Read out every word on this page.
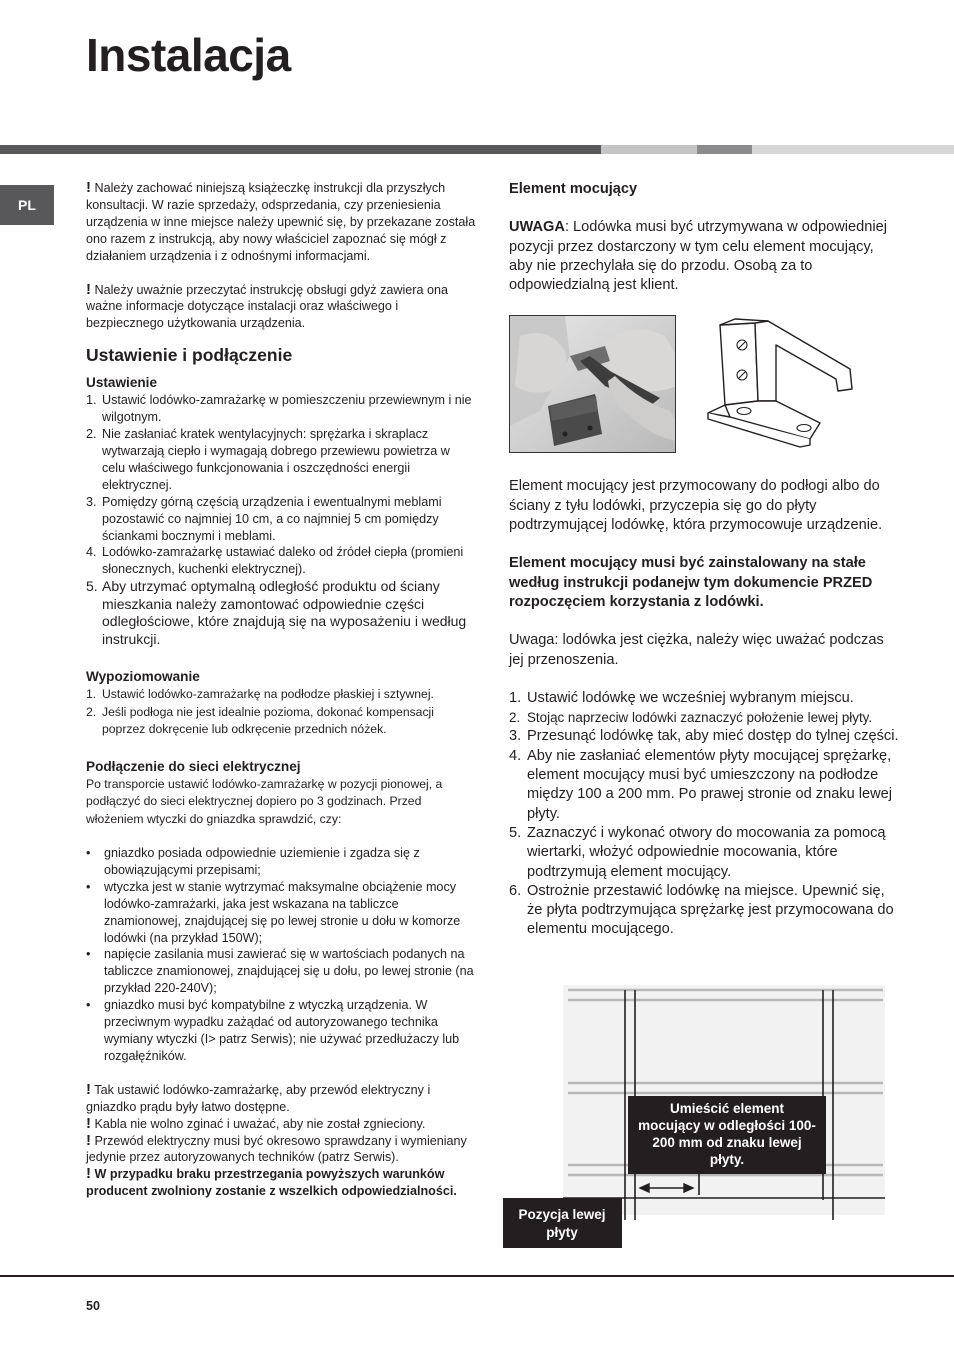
Instalacja
PL

! Należy zachować niniejszą książeczkę instrukcji dla przyszłych konsultacji. W razie sprzedaży, odsprzedania, czy przeniesienia urządzenia w inne miejsce należy upewnić się, by przekazane została ono razem z instrukcją, aby nowy właściciel zapoznać się mógł z działaniem urządzenia i z odnośnymi informacjami.

! Należy uważnie przeczytać instrukcję obsługi gdyż zawiera ona ważne informacje dotyczące instalacji oraz właściwego i bezpiecznego użytkowania urządzenia.

Ustawienie i podłączenie
Ustawienie
1. Ustawić lodówko-zamrażarkę w pomieszczeniu przewiewnym i nie wilgotnym.
2. Nie zasłaniać kratek wentylacyjnych: sprężarka i skraplacz wytwarzają ciepło i wymagają dobrego przewiewu powietrza w celu właściwego funkcjonowania i oszczędności energii elektrycznej.
3. Pomiędzy górną częścią urządzenia i ewentualnymi meblami pozostawić co najmniej 10 cm, a co najmniej 5 cm pomiędzy ściankami bocznymi i meblami.
4. Lodówko-zamrażarkę ustawiać daleko od źródeł ciepła (promieni słonecznych, kuchenki elektrycznej).
5. Aby utrzymać optymalną odległość produktu od ściany mieszkania należy zamontować odpowiednie części odległościowe, które znajdują się na wyposażeniu i według instrukcji.
Wypoziomowanie
1. Ustawić lodówko-zamrażarkę na podłodze płaskiej i sztywnej.
2. Jeśli podłoga nie jest idealnie pozioma, dokonać kompensacji poprzez dokręcenie lub odkręcenie przednich nóżek.
Podłączenie do sieci elektrycznej

Po transporcie ustawić lodówko-zamrażarkę w pozycji pionowej, a podłączyć do sieci elektrycznej dopiero po 3 godzinach. Przed włożeniem wtyczki do gniazdka sprawdzić, czy:

• gniazdko posiada odpowiednie uziemienie i zgadza się z obowiązującymi przepisami;
• wtyczka jest w stanie wytrzymać maksymalne obciążenie mocy lodówko-zamrażarki, jaka jest wskazana na tabliczce znamionowej, znajdującej się po lewej stronie u dołu w komorze lodówki (na przykład 150W);
• napięcie zasilania musi zawierać się w wartościach podanych na tabliczce znamionowej, znajdującej się u dołu, po lewej stronie (na przykład 220-240V);
• gniazdko musi być kompatybilne z wtyczką urządzenia. W przeciwnym wypadku zażądać od autoryzowanego technika wymiany wtyczki (I> patrz Serwis); nie używać przedłużaczy lub rozgałęźników.

! Tak ustawić lodówko-zamrażarkę, aby przewód elektryczny i gniazdko prądu były łatwo dostępne.

! Kabla nie wolno zginać i uważać, aby nie został zgnieciony.

! Przewód elektryczny musi być okresowo sprawdzany i wymieniany jedynie przez autoryzowanych techników (patrz Serwis).

! W przypadku braku przestrzegania powyższych warunków producent zwolniony zostanie z wszelkich odpowiedzialności.

Element mocujący

UWAGA: Lodówka musi być utrzymywana w odpowiedniej pozycji przez dostarczony w tym celu element mocujący, aby nie przechylała się do przodu. Osobą za to odpowiedzialną jest klient.

Element mocujący jest przymocowany do podłogi albo do ściany z tyłu lodówki, przyczepia się go do płyty podtrzymującej lodówkę, która przymocowuje urządzenie.

Element mocujący musi być zainstalowany na stałe według instrukcji podanejw tym dokumencie PRZED rozpoczęciem korzystania z lodówki.

Uwaga: lodówka jest ciężka, należy więc uważać podczas jej przenoszenia.

1. Ustawić lodówkę we wcześniej wybranym miejscu.
2. Stojąc naprzeciw lodówki zaznaczyć położenie lewej płyty.
3. Przesunąć lodówkę tak, aby mieć dostęp do tylnej części.
4. Aby nie zasłaniać elementów płyty mocującej sprężarkę, element mocujący musi być umieszczony na podłodze między 100 a 200 mm. Po prawej stronie od znaku lewej płyty.
5. Zaznaczyć i wykonać otwory do mocowania za pomocą wiertarki, włożyć odpowiednie mocowania, które podtrzymują element mocujący.
6. Ostrożnie przestawić lodówkę na miejsce. Upewnić się, że płyta podtrzymująca sprężarkę jest przymocowana do elementu mocującego.
Umieścić element
mocujący w odległości 100-
200 mm od znaku lewej
płyty.
Pozycja lewej
płyty
50
